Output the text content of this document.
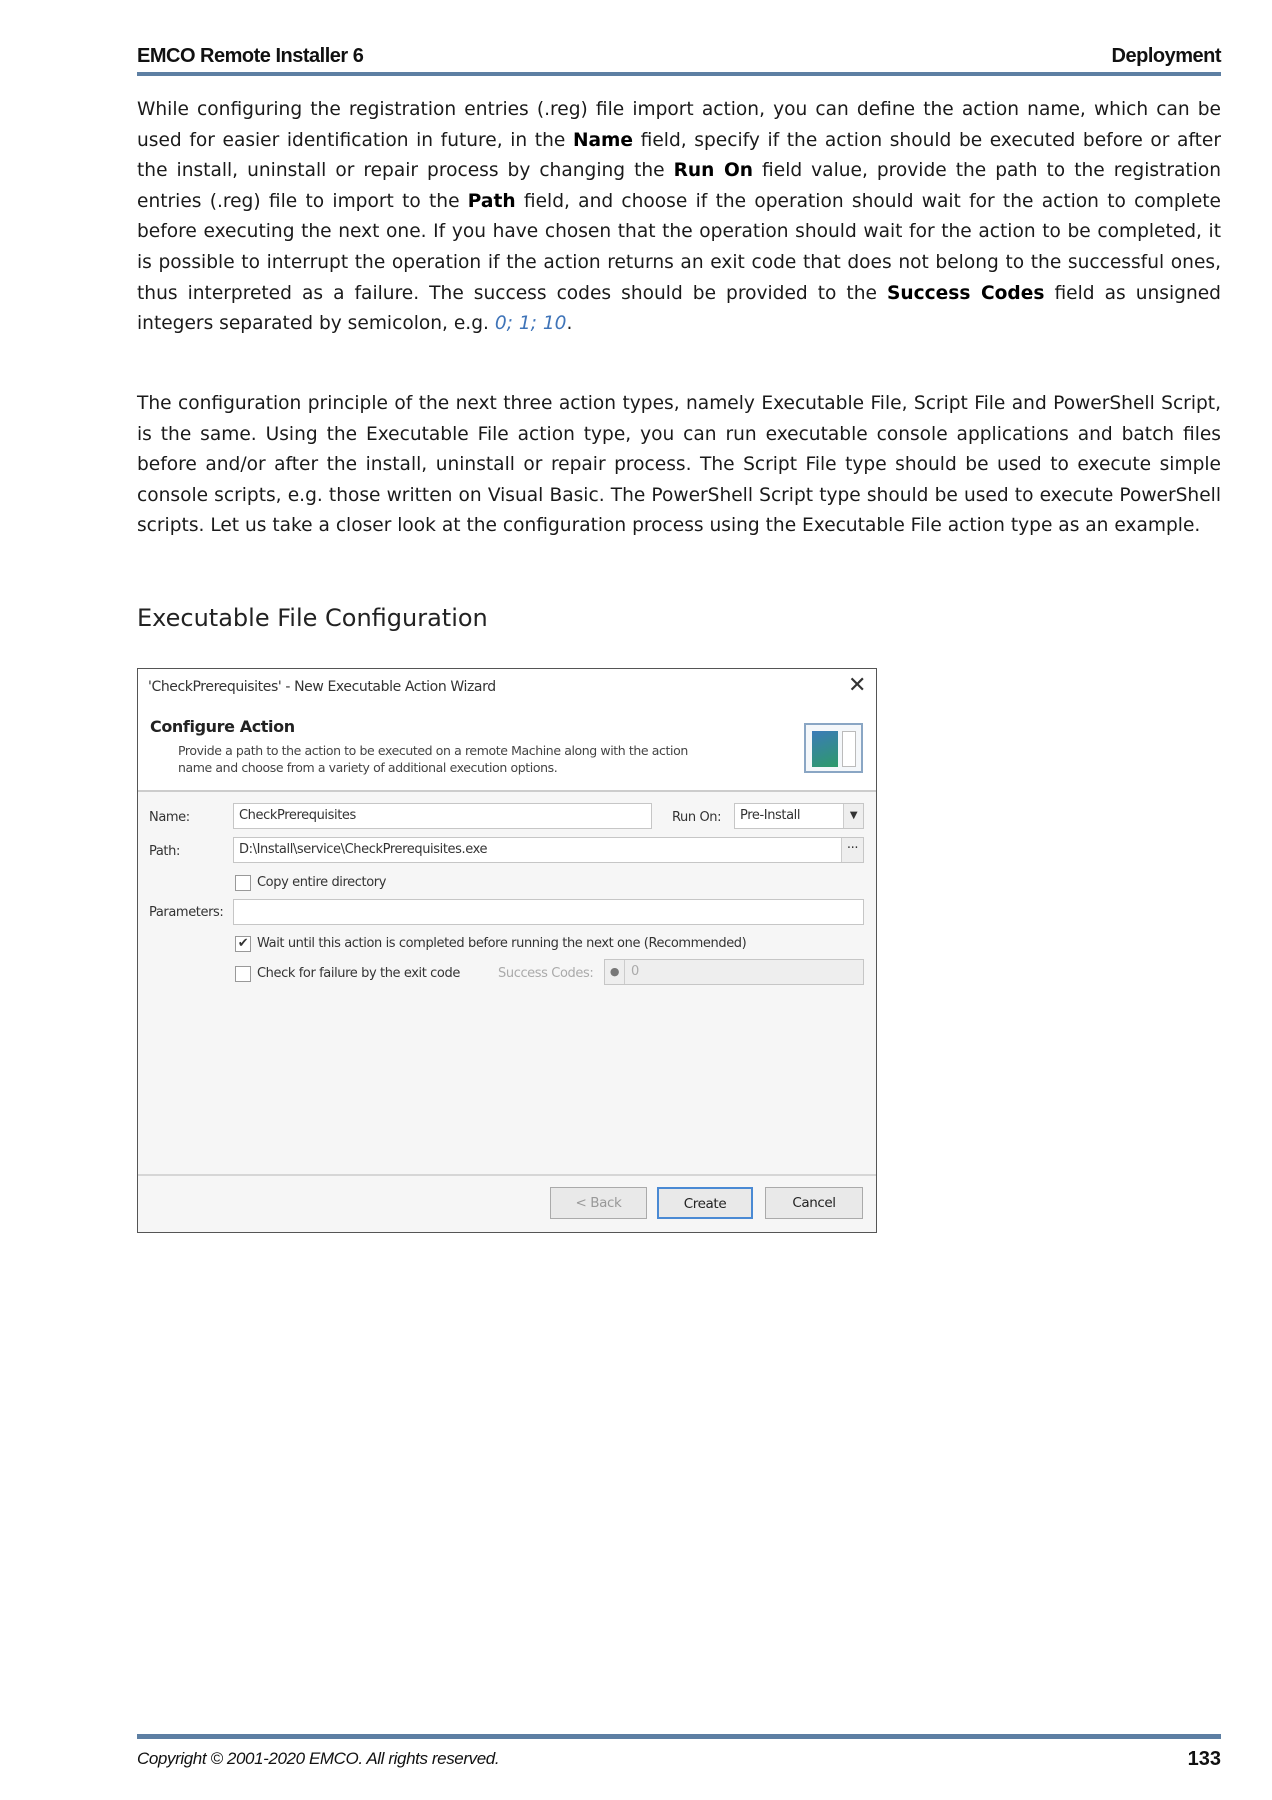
EMCO Remote Installer 6	Deployment

While configuring the registration entries (.reg) file import action, you can define the action name, which can be used for easier identification in future, in the Name field, specify if the action should be executed before or after the install, uninstall or repair process by changing the Run On field value, provide the path to the registration entries (.reg) file to import to the Path field, and choose if the operation should wait for the action to complete before executing the next one. If you have chosen that the operation should wait for the action to be completed, it is possible to interrupt the operation if the action returns an exit code that does not belong to the successful ones, thus interpreted as a failure. The success codes should be provided to the Success Codes field as unsigned integers separated by semicolon, e.g. 0; 1; 10.

The configuration principle of the next three action types, namely Executable File, Script File and PowerShell Script, is the same. Using the Executable File action type, you can run executable console applications and batch files before and/or after the install, uninstall or repair process. The Script File type should be used to execute simple console scripts, e.g. those written on Visual Basic. The PowerShell Script type should be used to execute PowerShell scripts. Let us take a closer look at the configuration process using the Executable File action type as an example.

Executable File Configuration
'CheckPrerequisites' - New Executable Action Wizard	✕
Configure Action
Provide a path to the action to be executed on a remote Machine along with the action
name and choose from a variety of additional execution options.
Name:	CheckPrerequisites	Run On:	Pre-Install	▼
Path:	D:\Install\service\CheckPrerequisites.exe	···
Copy entire directory
Parameters:
✔ Wait until this action is completed before running the next one (Recommended)
Check for failure by the exit code	Success Codes:	● 0
< Back	Create	Cancel
Copyright © 2001-2020 EMCO. All rights reserved.	133
